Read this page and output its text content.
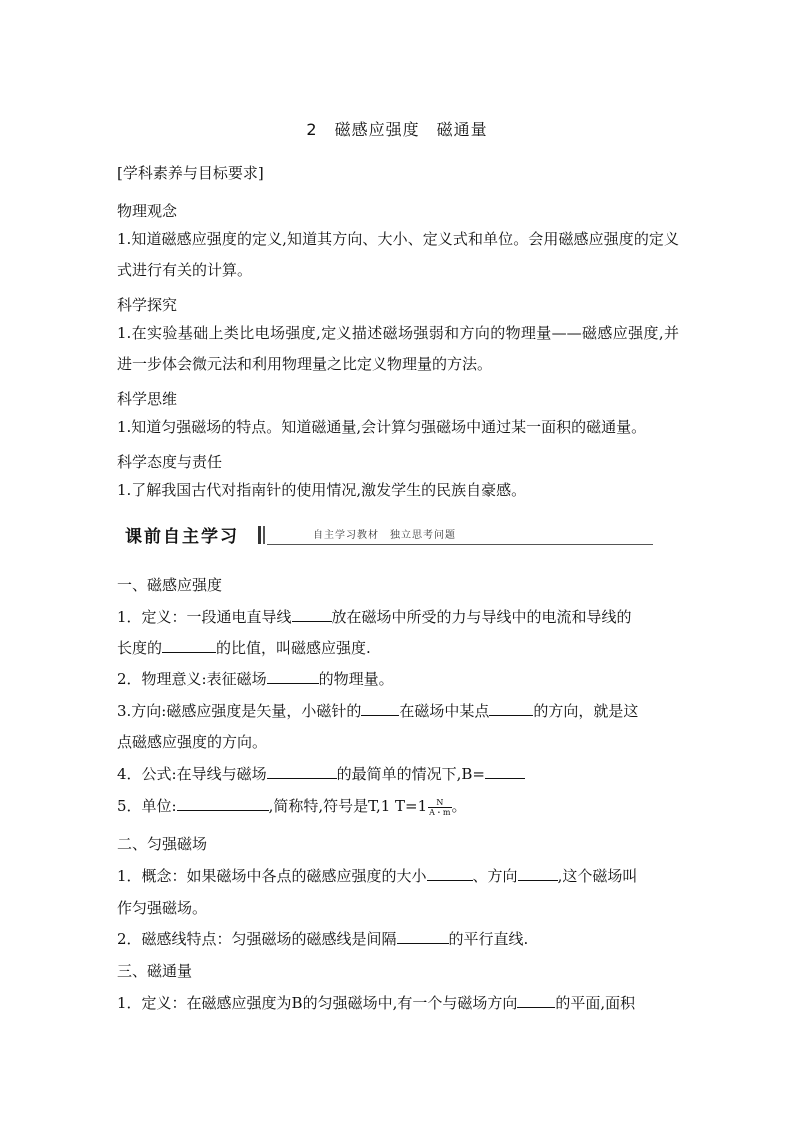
2　磁感应强度　磁通量
[学科素养与目标要求]
物理观念
1.知道磁感应强度的定义,知道其方向、大小、定义式和单位。会用磁感应强度的定义式进行有关的计算。
科学探究
1.在实验基础上类比电场强度,定义描述磁场强弱和方向的物理量——磁感应强度,并进一步体会微元法和利用物理量之比定义物理量的方法。
科学思维
1.知道匀强磁场的特点。知道磁通量,会计算匀强磁场中通过某一面积的磁通量。
科学态度与责任
1.了解我国古代对指南针的使用情况,激发学生的民族自豪感。
课前自主学习	自主学习教材　独立思考问题
一、磁感应强度
1．定义：一段通电直导线	放在磁场中所受的力与导线中的电流和导线的
长度的	的比值，叫磁感应强度.
2．物理意义:表征磁场	的物理量。
3.方向:磁感应强度是矢量，小磁针的	在磁场中某点	的方向，就是这
点磁感应强度的方向。
4．公式:在导线与磁场	的最简单的情况下,B=
5．单位:	,简称特,符号是T,1 $T=1 \frac{N}{A・m}$ 。
二、匀强磁场
1．概念：如果磁场中各点的磁感应强度的大小	、方向	,这个磁场叫
作匀强磁场。
2．磁感线特点：匀强磁场的磁感线是间隔	的平行直线.
三、磁通量
1．定义：在磁感应强度为B的匀强磁场中,有一个与磁场方向	的平面,面积
